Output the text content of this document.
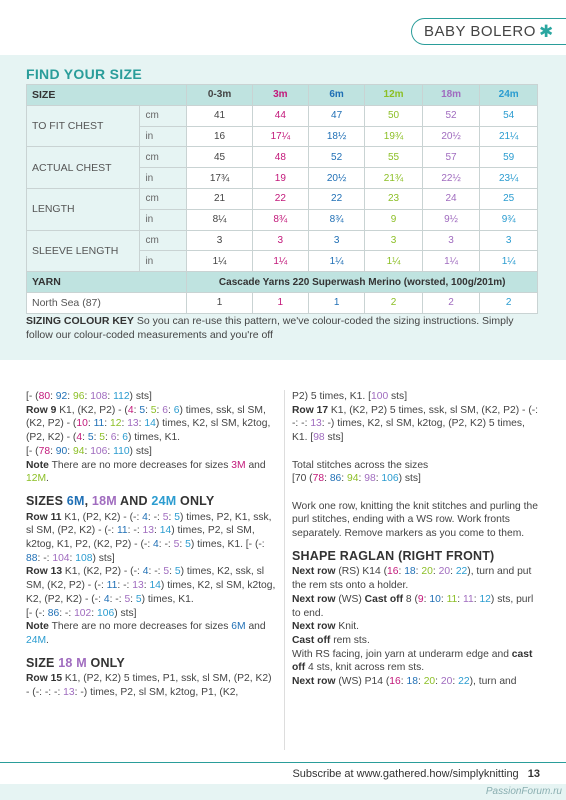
BABY BOLERO ✱
FIND YOUR SIZE
SIZE		0-3m	3m	6m	12m	18m	24m
TO FIT CHEST	cm	41	44	47	50	52	54
	in	16	17¼	18½	19¾	20½	21¼
ACTUAL CHEST	cm	45	48	52	55	57	59
	in	17¾	19	20½	21¾	22½	23¼
LENGTH	cm	21	22	22	23	24	25
	in	8¼	8¾	8¾	9	9½	9¾
SLEEVE LENGTH	cm	3	3	3	3	3	3
	in	1¼	1¼	1¼	1¼	1¼	1¼
YARN		Cascade Yarns 220 Superwash Merino (worsted, 100g/201m)					
North Sea (87)		1	1	1	2	2	2
SIZING COLOUR KEY So you can re-use this pattern, we've colour-coded the sizing instructions. Simply follow our colour-coded measurements and you're off

[- (80: 92: 96: 108: 112) sts]

Row 9 K1, (K2, P2) - (4: 5: 5: 6: 6) times, ssk, sl SM, (K2, P2) - (10: 11: 12: 13: 14) times, K2, sl SM, k2tog, (P2, K2) - (4: 5: 5: 6: 6) times, K1.

[- (78: 90: 94: 106: 110) sts]

Note There are no more decreases for sizes 3M and 12M.

SIZES 6M, 18M AND 24M ONLY

Row 11 K1, (P2, K2) - (-: 4: -: 5: 5) times, P2, K1, ssk, sl SM, (P2, K2) - (-: 11: -: 13: 14) times, P2, sl SM, k2tog, K1, P2, (K2, P2) - (-: 4: -: 5: 5) times, K1. [- (-: 88: -: 104: 108) sts]

Row 13 K1, (K2, P2) - (-: 4: -: 5: 5) times, K2, ssk, sl SM, (K2, P2) - (-: 11: -: 13: 14) times, K2, sl SM, k2tog, K2, (P2, K2) - (-: 4: -: 5: 5) times, K1.

[- (-: 86: -: 102: 106) sts]

Note There are no more decreases for sizes 6M and 24M.

SIZE 18 M ONLY

Row 15 K1, (P2, K2) 5 times, P1, ssk, sl SM, (P2, K2) - (-: -: -: 13: -) times, P2, sl SM, k2tog, P1, (K2,

P2) 5 times, K1. [100 sts]

Row 17 K1, (K2, P2) 5 times, ssk, sl SM, (K2, P2) - (-: -: -: 13: -) times, K2, sl SM, k2tog, (P2, K2) 5 times, K1. [98 sts]

Total stitches across the sizes

[70 (78: 86: 94: 98: 106) sts]

Work one row, knitting the knit stitches and purling the purl stitches, ending with a WS row. Work fronts separately. Remove markers as you come to them.

SHAPE RAGLAN (RIGHT FRONT)

Next row (RS) K14 (16: 18: 20: 20: 22), turn and put the rem sts onto a holder.

Next row (WS) Cast off 8 (9: 10: 11: 11: 12) sts, purl to end.

Next row Knit.

Cast off rem sts.

With RS facing, join yarn at underarm edge and cast off 4 sts, knit across rem sts.

Next row (WS) P14 (16: 18: 20: 20: 22), turn and

Subscribe at www.gathered.how/simplyknitting 13
PassionForum.ru
